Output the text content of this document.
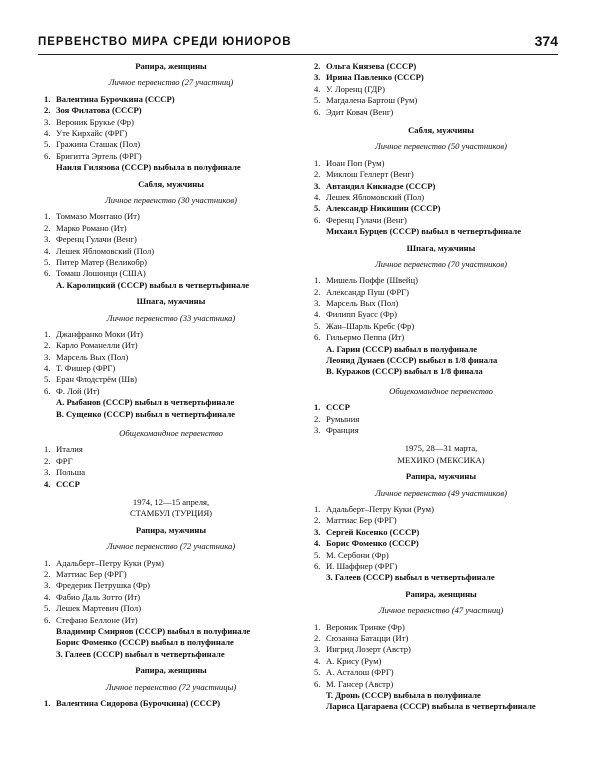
ПЕРВЕНСТВО МИРА СРЕДИ ЮНИОРОВ	374
Рапира, женщины
Личное первенство (27 участниц)
1. Валентина Бурочкина (СССР)
2. Зоя Филатова (СССР)
3. Вероник Брукье (Фр)
4. Уте Кирхайс (ФРГ)
5. Гражина Сташак (Пол)
6. Бригитта Эртель (ФРГ)
Наиля Гилязова (СССР) выбыла в полуфинале
Сабля, мужчины
Личное первенство (30 участников)
1. Томмазо Монтано (Ит)
2. Марко Романо (Ит)
3. Ференц Гулачи (Венг)
4. Лешек Ябломовский (Пол)
5. Питер Матер (Великобр)
6. Томаш Лошонци (США)
А. Каролицкий (СССР) выбыл в четвертьфинале
Шпага, мужчины
Личное первенство (33 участника)
1. Джанфранко Моки (Ит)
2. Карло Романелли (Ит)
3. Марсель Вых (Пол)
4. Т. Фишер (ФРГ)
5. Еран Флодстрём (Шв)
6. Ф. Лой (Ит)
А. Рыбанов (СССР) выбыл в четвертьфинале
В. Сущенко (СССР) выбыл в четвертьфинале
Общекомандное первенство
1. Италия
2. ФРГ
3. Польша
4. СССР
1974, 12—15 апреля,
СТАМБУЛ (ТУРЦИЯ)
Рапира, мужчины
Личное первенство (72 участника)
1. Адальберт–Петру Куки (Рум)
2. Маттиас Бер (ФРГ)
3. Фредерик Петрушка (Фр)
4. Фабио Даль Зотто (Ит)
5. Лешек Мартевич (Пол)
6. Стефано Беллоне (Ит)
Владимир Смирнов (СССР) выбыл в полуфинале
Борис Фоменко (СССР) выбыл в полуфинале
З. Галеев (СССР) выбыл в четвертьфинале
Рапира, женщины
Личное первенство (72 участницы)
1. Валентина Сидорова (Бурочкина) (СССР)
2. Ольга Князева (СССР)
3. Ирина Павленко (СССР)
4. У. Лоренц (ГДР)
5. Магдалена Бартош (Рум)
6. Эдит Ковач (Венг)
Сабля, мужчины
Личное первенство (50 участников)
1. Иоан Поп (Рум)
2. Миклош Геллерт (Венг)
3. Автандил Кикнадзе (СССР)
4. Лешек Ябломовский (Пол)
5. Александр Никишин (СССР)
6. Ференц Гулачи (Венг)
Михаил Бурцев (СССР) выбыл в четвертьфинале
Шпага, мужчины
Личное первенство (70 участников)
1. Мишель Поффе (Швейц)
2. Александр Пуш (ФРГ)
3. Марсель Вых (Пол)
4. Филипп Буасс (Фр)
5. Жан–Шарль Кребс (Фр)
6. Гильермо Пеппа (Ит)
А. Гарин (СССР) выбыл в полуфинале
Леонид Дунаев (СССР) выбыл в 1/8 финала
В. Куражов (СССР) выбыл в 1/8 финала
Общекомандное первенство
1. СССР
2. Румыния
3. Франция
1975, 28—31 марта,
МЕХИКО (МЕКСИКА)
Рапира, мужчины
Личное первенство (49 участников)
1. Адальберт–Петру Куки (Рум)
2. Маттиас Бер (ФРГ)
3. Сергей Косенко (СССР)
4. Борис Фоменко (СССР)
5. М. Сербони (Фр)
6. И. Шаффнер (ФРГ)
З. Галеев (СССР) выбыл в четвертьфинале
Рапира, женщины
Личное первенство (47 участниц)
1. Вероник Тринке (Фр)
2. Сюзанна Батацци (Ит)
3. Ингрид Лозерт (Австр)
4. А. Крису (Рум)
5. А. Асталош (ФРГ)
6. М. Гансер (Австр)
Т. Дронь (СССР) выбыла в полуфинале
Лариса Цагараева (СССР) выбыла в четвертьфинале
